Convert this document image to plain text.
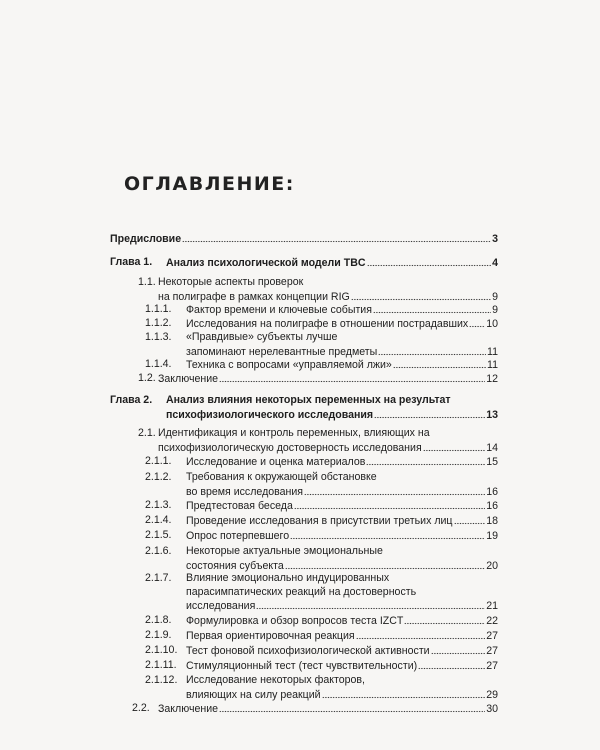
ОГЛАВЛЕНИЕ:
Предисловие	3
Глава 1. Анализ психологической модели TBC	4
1.1. Некоторые аспекты проверок
на полиграфе в рамках концепции RIG	9
1.1.1. Фактор времени и ключевые события	9
1.1.2. Исследования на полиграфе в отношении пострадавших 10
1.1.3. «Правдивые» субъекты лучше
запоминают нерелевантные предметы	11
1.1.4. Техника с вопросами «управляемой лжи»	11
1.2. Заключение	12
Глава 2. Анализ влияния некоторых переменных на результат
психофизиологического исследования	13
2.1. Идентификация и контроль переменных, влияющих на
психофизиологическую достоверность исследования	14
2.1.1. Исследование и оценка материалов	15
2.1.2. Требования к окружающей обстановке
во время исследования	16
2.1.3. Предтестовая беседа	16
2.1.4. Проведение исследования в присутствии третьих лиц	18
2.1.5. Опрос потерпевшего	19
2.1.6. Некоторые актуальные эмоциональные
состояния субъекта	20
2.1.7. Влияние эмоционально индуцированных
парасимпатических реакций на достоверность
исследования	21
2.1.8. Формулировка и обзор вопросов теста IZCT	22
2.1.9. Первая ориентировочная реакция	27
2.1.10. Тест фоновой психофизиологической активности	27
2.1.11. Стимуляционный тест (тест чувствительности)	27
2.1.12. Исследование некоторых факторов,
влияющих на силу реакций	29
2.2. Заключение	30
